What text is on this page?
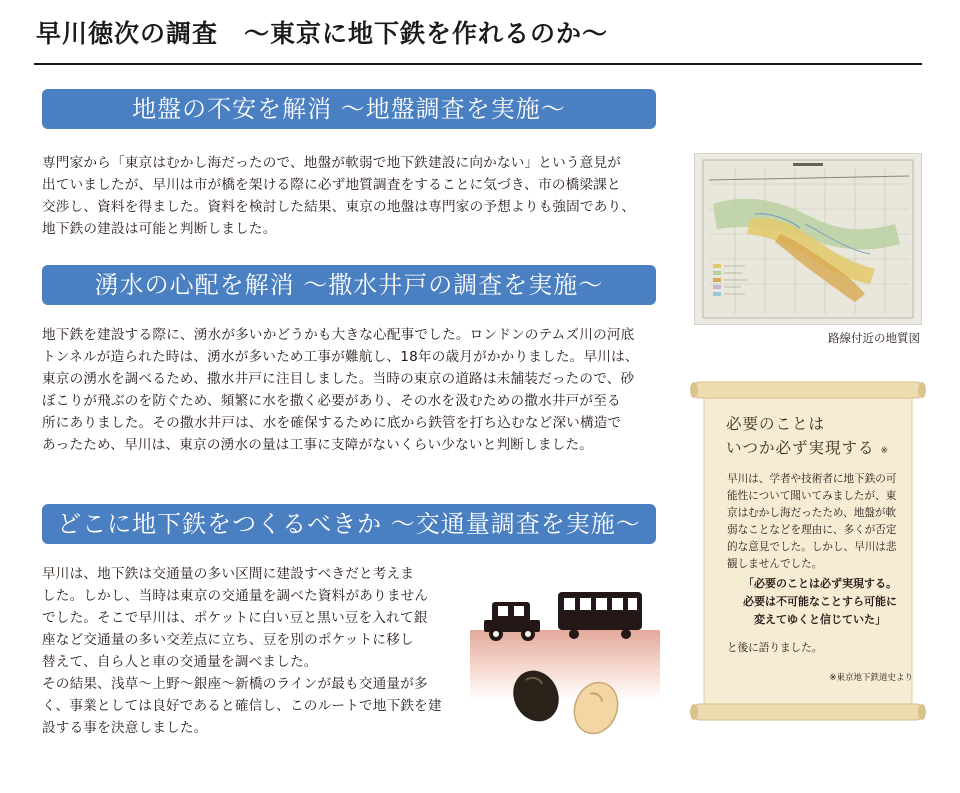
早川徳次の調査　～東京に地下鉄を作れるのか～
地盤の不安を解消 ～地盤調査を実施～
専門家から「東京はむかし海だったので、地盤が軟弱で地下鉄建設に向かない」という意見が
出ていましたが、早川は市が橋を架ける際に必ず地質調査をすることに気づき、市の橋梁課と
交渉し、資料を得ました。資料を検討した結果、東京の地盤は専門家の予想よりも強固であり、
地下鉄の建設は可能と判断しました。
湧水の心配を解消 ～撒水井戸の調査を実施～
地下鉄を建設する際に、湧水が多いかどうかも大きな心配事でした。ロンドンのテムズ川の河底
トンネルが造られた時は、湧水が多いため工事が難航し、18年の歳月がかかりました。早川は、
東京の湧水を調べるため、撒水井戸に注目しました。当時の東京の道路は未舗装だったので、砂
ぼこりが飛ぶのを防ぐため、頻繁に水を撒く必要があり、その水を汲むための撒水井戸が至る
所にありました。その撒水井戸は、水を確保するために底から鉄管を打ち込むなど深い構造で
あったため、早川は、東京の湧水の量は工事に支障がないくらい少ないと判断しました。
どこに地下鉄をつくるべきか ～交通量調査を実施～
早川は、地下鉄は交通量の多い区間に建設すべきだと考えま
した。しかし、当時は東京の交通量を調べた資料がありません
でした。そこで早川は、ポケットに白い豆と黒い豆を入れて銀
座など交通量の多い交差点に立ち、豆を別のポケットに移し
替えて、自ら人と車の交通量を調べました。
その結果、浅草～上野～銀座～新橋のラインが最も交通量が多
く、事業としては良好であると確信し、このルートで地下鉄を建
設する事を決意しました。
路線付近の地質図
必要のことは
いつか必ず実現する ※
早川は、学者や技術者に地下鉄の可
能性について聞いてみましたが、東
京はむかし海だったため、地盤が軟
弱なことなどを理由に、多くが否定
的な意見でした。しかし、早川は悲
観しませんでした。
「必要のことは必ず実現する。
必要は不可能なことすら可能に
変えてゆくと信じていた」
と後に語りました。
※東京地下鉄道史より
